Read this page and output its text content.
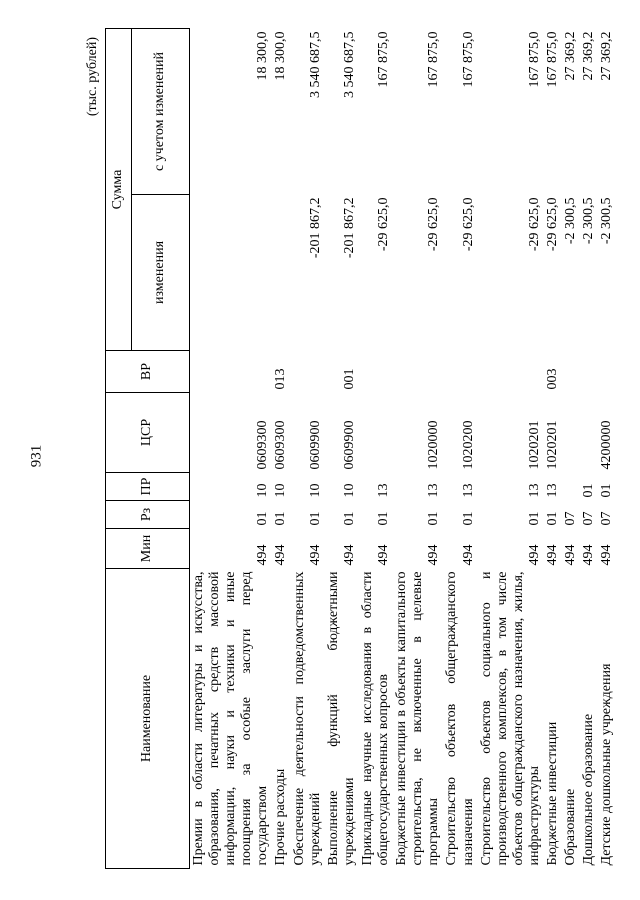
931
(тыс. рублей)
Наименование	Мин	Рз	ПР	ЦСР	ВР	Сумма	
						изменения	с учетом изменений
Премии в области литературы и искусства, образования, печатных средств массовой информации, науки и техники и иные поощрения за особые заслуги перед государством	494	01	10	0609300			18 300,0
Прочие расходы	494	01	10	0609300	013		18 300,0
Обеспечение деятельности подведомственных учреждений	494	01	10	0609900		-201 867,2	3 540 687,5
Выполнение функций бюджетными учреждениями	494	01	10	0609900	001	-201 867,2	3 540 687,5
Прикладные научные исследования в области общегосударственных вопросов	494	01	13			-29 625,0	167 875,0
Бюджетные инвестиции в объекты капитального строительства, не включенные в целевые программы	494	01	13	1020000		-29 625,0	167 875,0
Строительство объектов общегражданского назначения	494	01	13	1020200		-29 625,0	167 875,0
Строительство объектов социального и производственного комплексов, в том числе объектов общегражданского назначения, жилья, инфраструктуры	494	01	13	1020201		-29 625,0	167 875,0
Бюджетные инвестиции	494	01	13	1020201	003	-29 625,0	167 875,0
Образование	494	07				-2 300,5	27 369,2
Дошкольное образование	494	07	01			-2 300,5	27 369,2
Детские дошкольные учреждения	494	07	01	4200000		-2 300,5	27 369,2
